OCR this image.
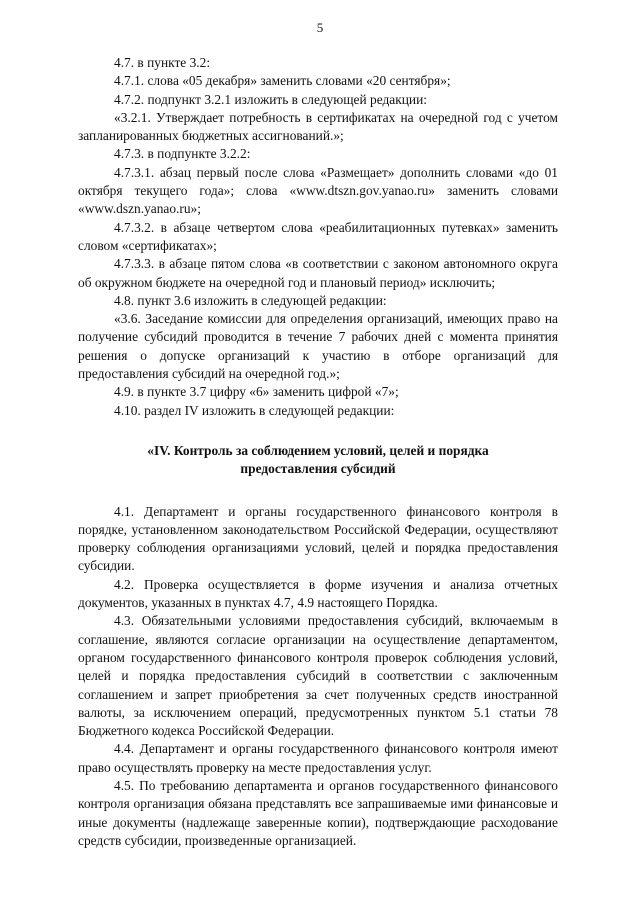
5

4.7. в пункте 3.2:

4.7.1. слова «05 декабря» заменить словами «20 сентября»;

4.7.2. подпункт 3.2.1 изложить в следующей редакции:

«3.2.1. Утверждает потребность в сертификатах на очередной год с учетом запланированных бюджетных ассигнований.»;

4.7.3. в подпункте 3.2.2:

4.7.3.1. абзац первый после слова «Размещает» дополнить словами «до 01 октября текущего года»; слова «www.dtszn.gov.yanao.ru» заменить словами «www.dszn.yanao.ru»;

4.7.3.2. в абзаце четвертом слова «реабилитационных путевках» заменить словом «сертификатах»;

4.7.3.3. в абзаце пятом слова «в соответствии с законом автономного округа об окружном бюджете на очередной год и плановый период» исключить;

4.8. пункт 3.6 изложить в следующей редакции:

«3.6. Заседание комиссии для определения организаций, имеющих право на получение субсидий проводится в течение 7 рабочих дней с момента принятия решения о допуске организаций к участию в отборе организаций для предоставления субсидий на очередной год.»;

4.9. в пункте 3.7 цифру «6» заменить цифрой «7»;

4.10. раздел IV изложить в следующей редакции:

«IV. Контроль за соблюдением условий, целей и порядка
предоставления субсидий

4.1. Департамент и органы государственного финансового контроля в порядке, установленном законодательством Российской Федерации, осуществляют проверку соблюдения организациями условий, целей и порядка предоставления субсидии.

4.2. Проверка осуществляется в форме изучения и анализа отчетных документов, указанных в пунктах 4.7, 4.9 настоящего Порядка.

4.3. Обязательными условиями предоставления субсидий, включаемым в соглашение, являются согласие организации на осуществление департаментом, органом государственного финансового контроля проверок соблюдения условий, целей и порядка предоставления субсидий в соответствии с заключенным соглашением и запрет приобретения за счет полученных средств иностранной валюты, за исключением операций, предусмотренных пунктом 5.1 статьи 78 Бюджетного кодекса Российской Федерации.

4.4. Департамент и органы государственного финансового контроля имеют право осуществлять проверку на месте предоставления услуг.

4.5. По требованию департамента и органов государственного финансового контроля организация обязана представлять все запрашиваемые ими финансовые и иные документы (надлежаще заверенные копии), подтверждающие расходование средств субсидии, произведенные организацией.
